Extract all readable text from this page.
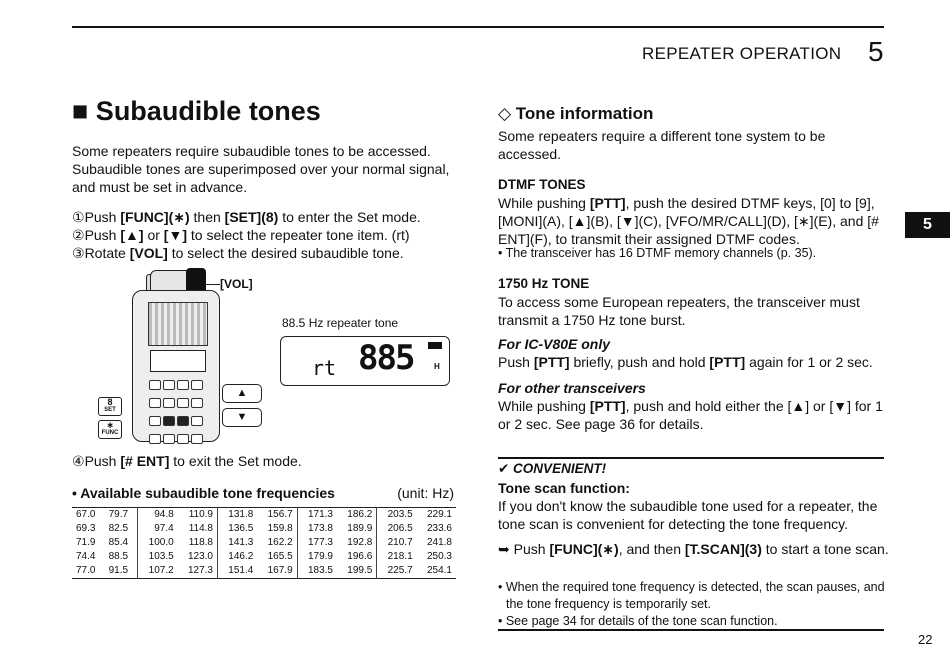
REPEATER OPERATION 5
5
■ Subaudible tones
Some repeaters require subaudible tones to be accessed. Subaudible tones are superimposed over your normal signal, and must be set in advance.
①Push [FUNC](∗) then [SET](8) to enter the Set mode.
②Push [▲] or [▼] to select the repeater tone item. (rt)
③Rotate [VOL] to select the desired subaudible tone.

[VOL]
8
SET
∗
FUNC
▲
▼
88.5 Hz repeater tone
rt 885	H
④Push [# ENT] to exit the Set mode.
• Available subaudible tone frequencies	(unit: Hz)
67.0	79.7	94.8	110.9	131.8	156.7	171.3	186.2	203.5	229.1
69.3	82.5	97.4	114.8	136.5	159.8	173.8	189.9	206.5	233.6
71.9	85.4	100.0	118.8	141.3	162.2	177.3	192.8	210.7	241.8
74.4	88.5	103.5	123.0	146.2	165.5	179.9	196.6	218.1	250.3
77.0	91.5	107.2	127.3	151.4	167.9	183.5	199.5	225.7	254.1
◇ Tone information
Some repeaters require a different tone system to be accessed.
DTMF TONES
While pushing [PTT], push the desired DTMF keys, [0] to [9], [MONI](A), [▲](B), [▼](C), [VFO/MR/CALL](D), [∗](E), and [# ENT](F), to transmit their assigned DTMF codes.
• The transceiver has 16 DTMF memory channels (p. 35).
1750 Hz TONE
To access some European repeaters, the transceiver must transmit a 1750 Hz tone burst.
For IC-V80E only
Push [PTT] briefly, push and hold [PTT] again for 1 or 2 sec.
For other transceivers
While pushing [PTT], push and hold either the [▲] or [▼] for 1 or 2 sec. See page 36 for details.
✔ CONVENIENT!
Tone scan function:
If you don't know the subaudible tone used for a repeater, the tone scan is convenient for detecting the tone frequency.
➥ Push [FUNC](∗), and then [T.SCAN](3) to start a tone scan.
• When the required tone frequency is detected, the scan pauses, and the tone frequency is temporarily set.
• See page 34 for details of the tone scan function.
22
